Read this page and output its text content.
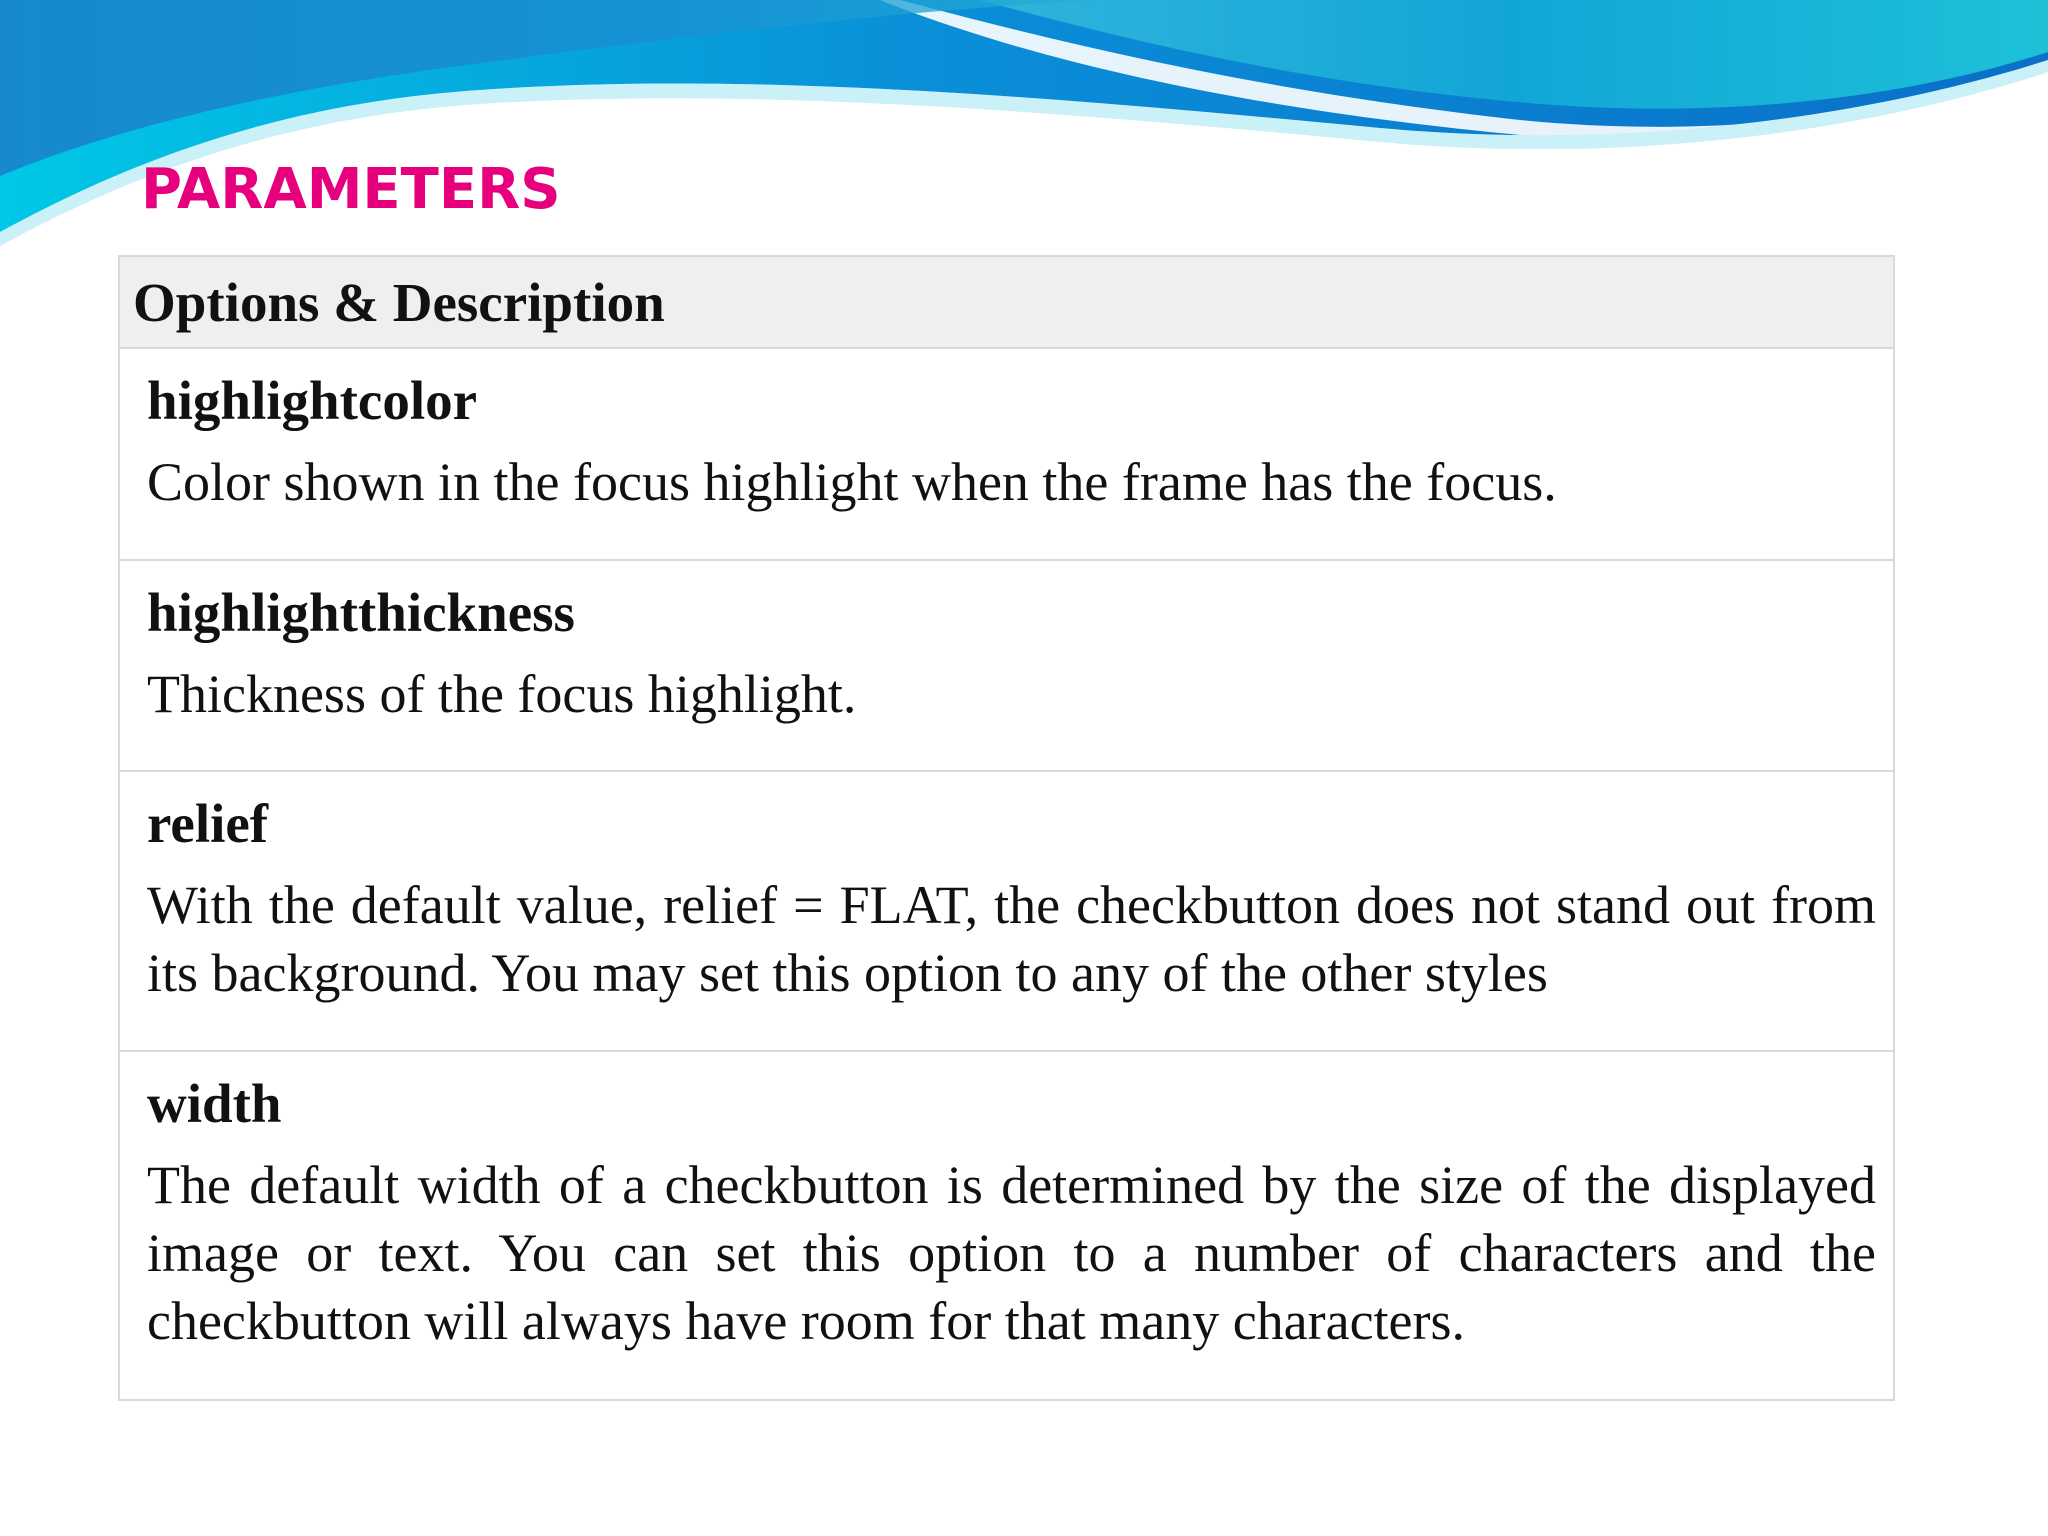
PARAMETERS
Options & Description

highlightcolor

Color shown in the focus highlight when the frame has the focus.

highlightthickness

Thickness of the focus highlight.

relief

With the default value, relief = FLAT, the checkbutton does not stand out from its background. You may set this option to any of the other styles

width

The default width of a checkbutton is determined by the size of the displayed image or text. You can set this option to a number of characters and the checkbutton will always have room for that many characters.
